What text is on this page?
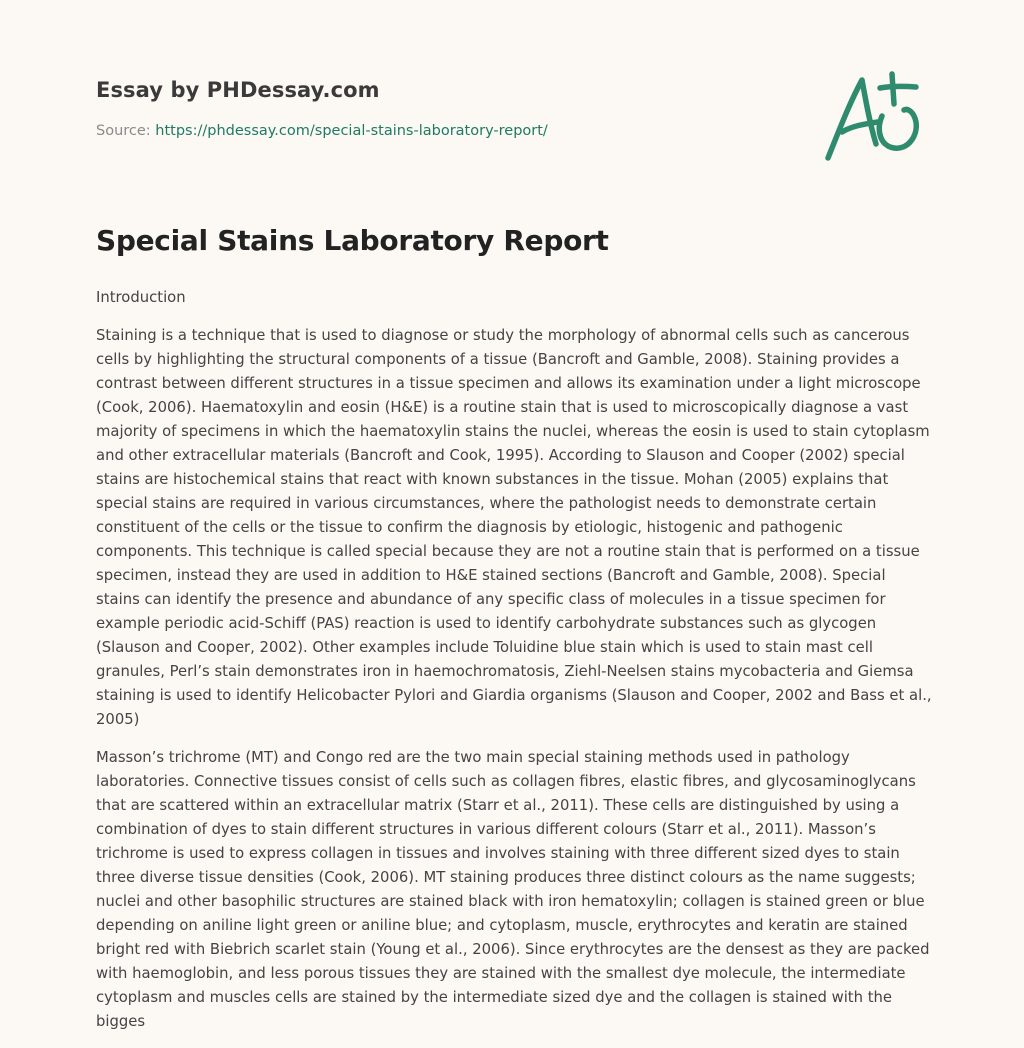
Essay by PHDessay.com
Source: https://phdessay.com/special-stains-laboratory-report/
Special Stains Laboratory Report

Introduction

Staining is a technique that is used to diagnose or study the morphology of abnormal cells such as cancerous cells by highlighting the structural components of a tissue (Bancroft and Gamble, 2008). Staining provides a contrast between different structures in a tissue specimen and allows its examination under a light microscope (Cook, 2006). Haematoxylin and eosin (H&E) is a routine stain that is used to microscopically diagnose a vast majority of specimens in which the haematoxylin stains the nuclei, whereas the eosin is used to stain cytoplasm and other extracellular materials (Bancroft and Cook, 1995). According to Slauson and Cooper (2002) special stains are histochemical stains that react with known substances in the tissue. Mohan (2005) explains that special stains are required in various circumstances, where the pathologist needs to demonstrate certain constituent of the cells or the tissue to confirm the diagnosis by etiologic, histogenic and pathogenic components. This technique is called special because they are not a routine stain that is performed on a tissue specimen, instead they are used in addition to H&E stained sections (Bancroft and Gamble, 2008). Special stains can identify the presence and abundance of any specific class of molecules in a tissue specimen for example periodic acid-Schiff (PAS) reaction is used to identify carbohydrate substances such as glycogen (Slauson and Cooper, 2002). Other examples include Toluidine blue stain which is used to stain mast cell granules, Perl’s stain demonstrates iron in haemochromatosis, Ziehl-Neelsen stains mycobacteria and Giemsa staining is used to identify Helicobacter Pylori and Giardia organisms (Slauson and Cooper, 2002 and Bass et al., 2005)

Masson’s trichrome (MT) and Congo red are the two main special staining methods used in pathology laboratories. Connective tissues consist of cells such as collagen fibres, elastic fibres, and glycosaminoglycans that are scattered within an extracellular matrix (Starr et al., 2011). These cells are distinguished by using a combination of dyes to stain different structures in various different colours (Starr et al., 2011). Masson’s trichrome is used to express collagen in tissues and involves staining with three different sized dyes to stain three diverse tissue densities (Cook, 2006). MT staining produces three distinct colours as the name suggests; nuclei and other basophilic structures are stained black with iron hematoxylin; collagen is stained green or blue depending on aniline light green or aniline blue; and cytoplasm, muscle, erythrocytes and keratin are stained bright red with Biebrich scarlet stain (Young et al., 2006). Since erythrocytes are the densest as they are packed with haemoglobin, and less porous tissues they are stained with the smallest dye molecule, the intermediate cytoplasm and muscles cells are stained by the intermediate sized dye and the collagen is stained with the bigges
